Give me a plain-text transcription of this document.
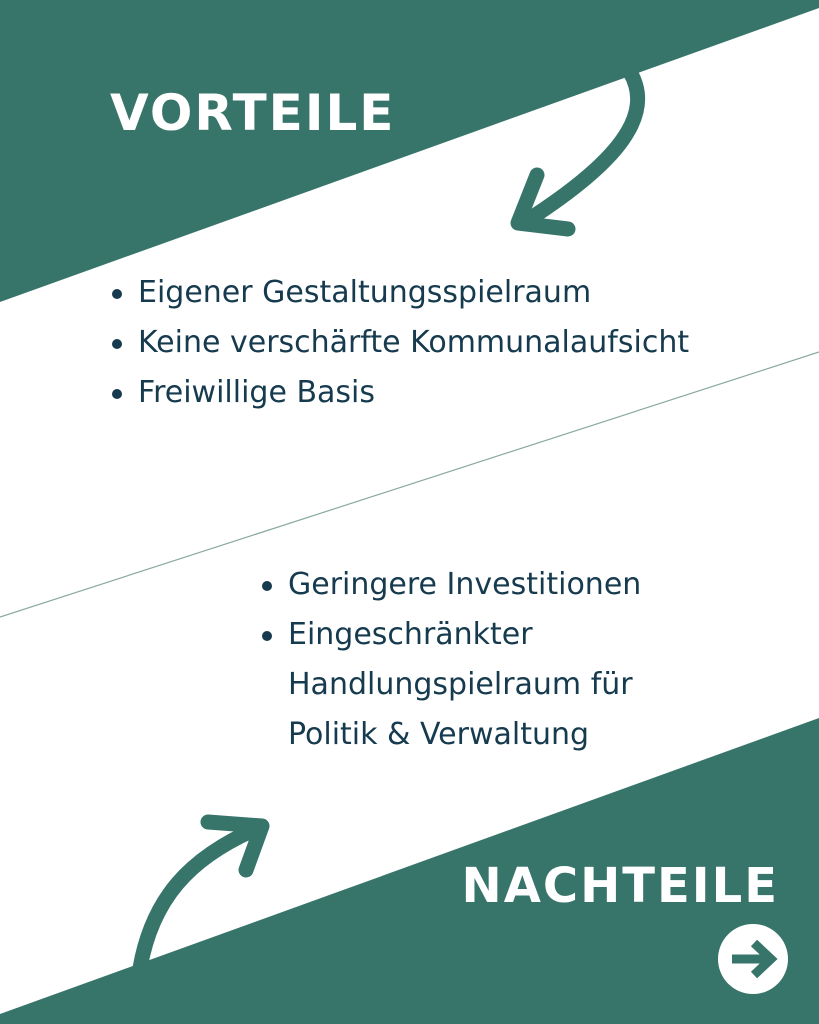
VORTEILE
Eigener Gestaltungsspielraum
Keine verschärfte Kommunalaufsicht
Freiwillige Basis
Geringere Investitionen
Eingeschränkter Handlungspielraum für Politik & Verwaltung
NACHTEILE
